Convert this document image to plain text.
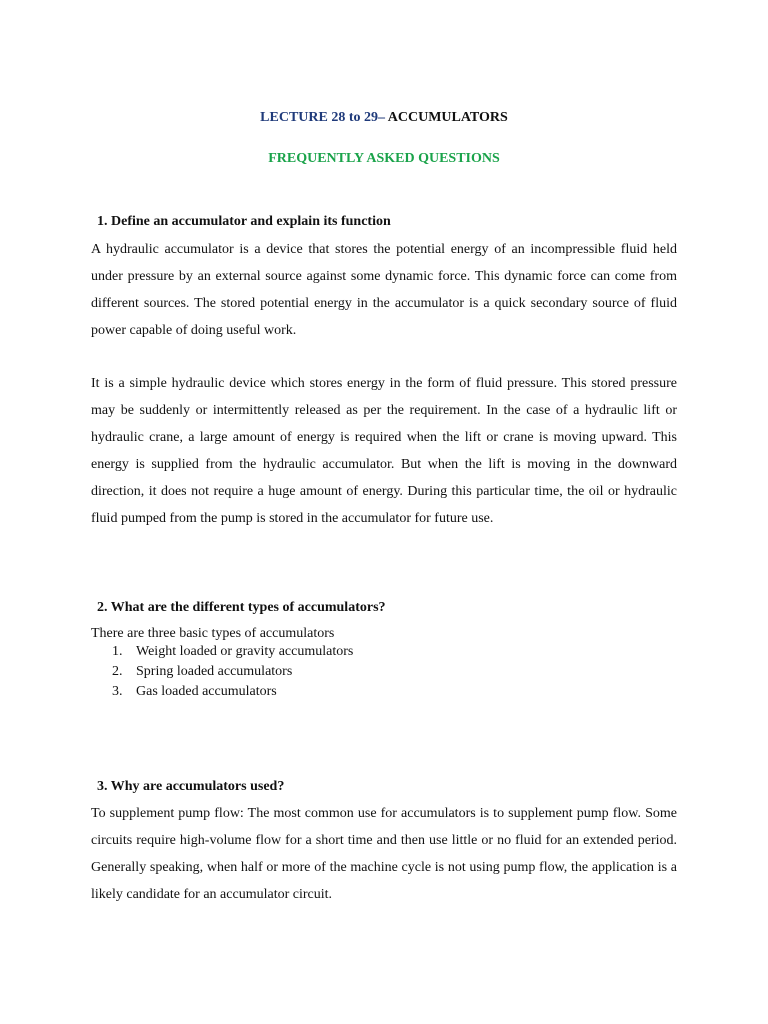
LECTURE 28 to 29– ACCUMULATORS
FREQUENTLY ASKED QUESTIONS

1. Define an accumulator and explain its function

A hydraulic accumulator is a device that stores the potential energy of an incompressible fluid held under pressure by an external source against some dynamic force. This dynamic force can come from different sources. The stored potential energy in the accumulator is a quick secondary source of fluid power capable of doing useful work.

It is a simple hydraulic device which stores energy in the form of fluid pressure. This stored pressure may be suddenly or intermittently released as per the requirement. In the case of a hydraulic lift or hydraulic crane, a large amount of energy is required when the lift or crane is moving upward. This energy is supplied from the hydraulic accumulator. But when the lift is moving in the downward direction, it does not require a huge amount of energy. During this particular time, the oil or hydraulic fluid pumped from the pump is stored in the accumulator for future use.

2. What are the different types of accumulators?

There are three basic types of accumulators

1. Weight loaded or gravity accumulators
2. Spring loaded accumulators
3. Gas loaded accumulators

3. Why are accumulators used?

To supplement pump flow: The most common use for accumulators is to supplement pump flow. Some circuits require high-volume flow for a short time and then use little or no fluid for an extended period. Generally speaking, when half or more of the machine cycle is not using pump flow, the application is a likely candidate for an accumulator circuit.
